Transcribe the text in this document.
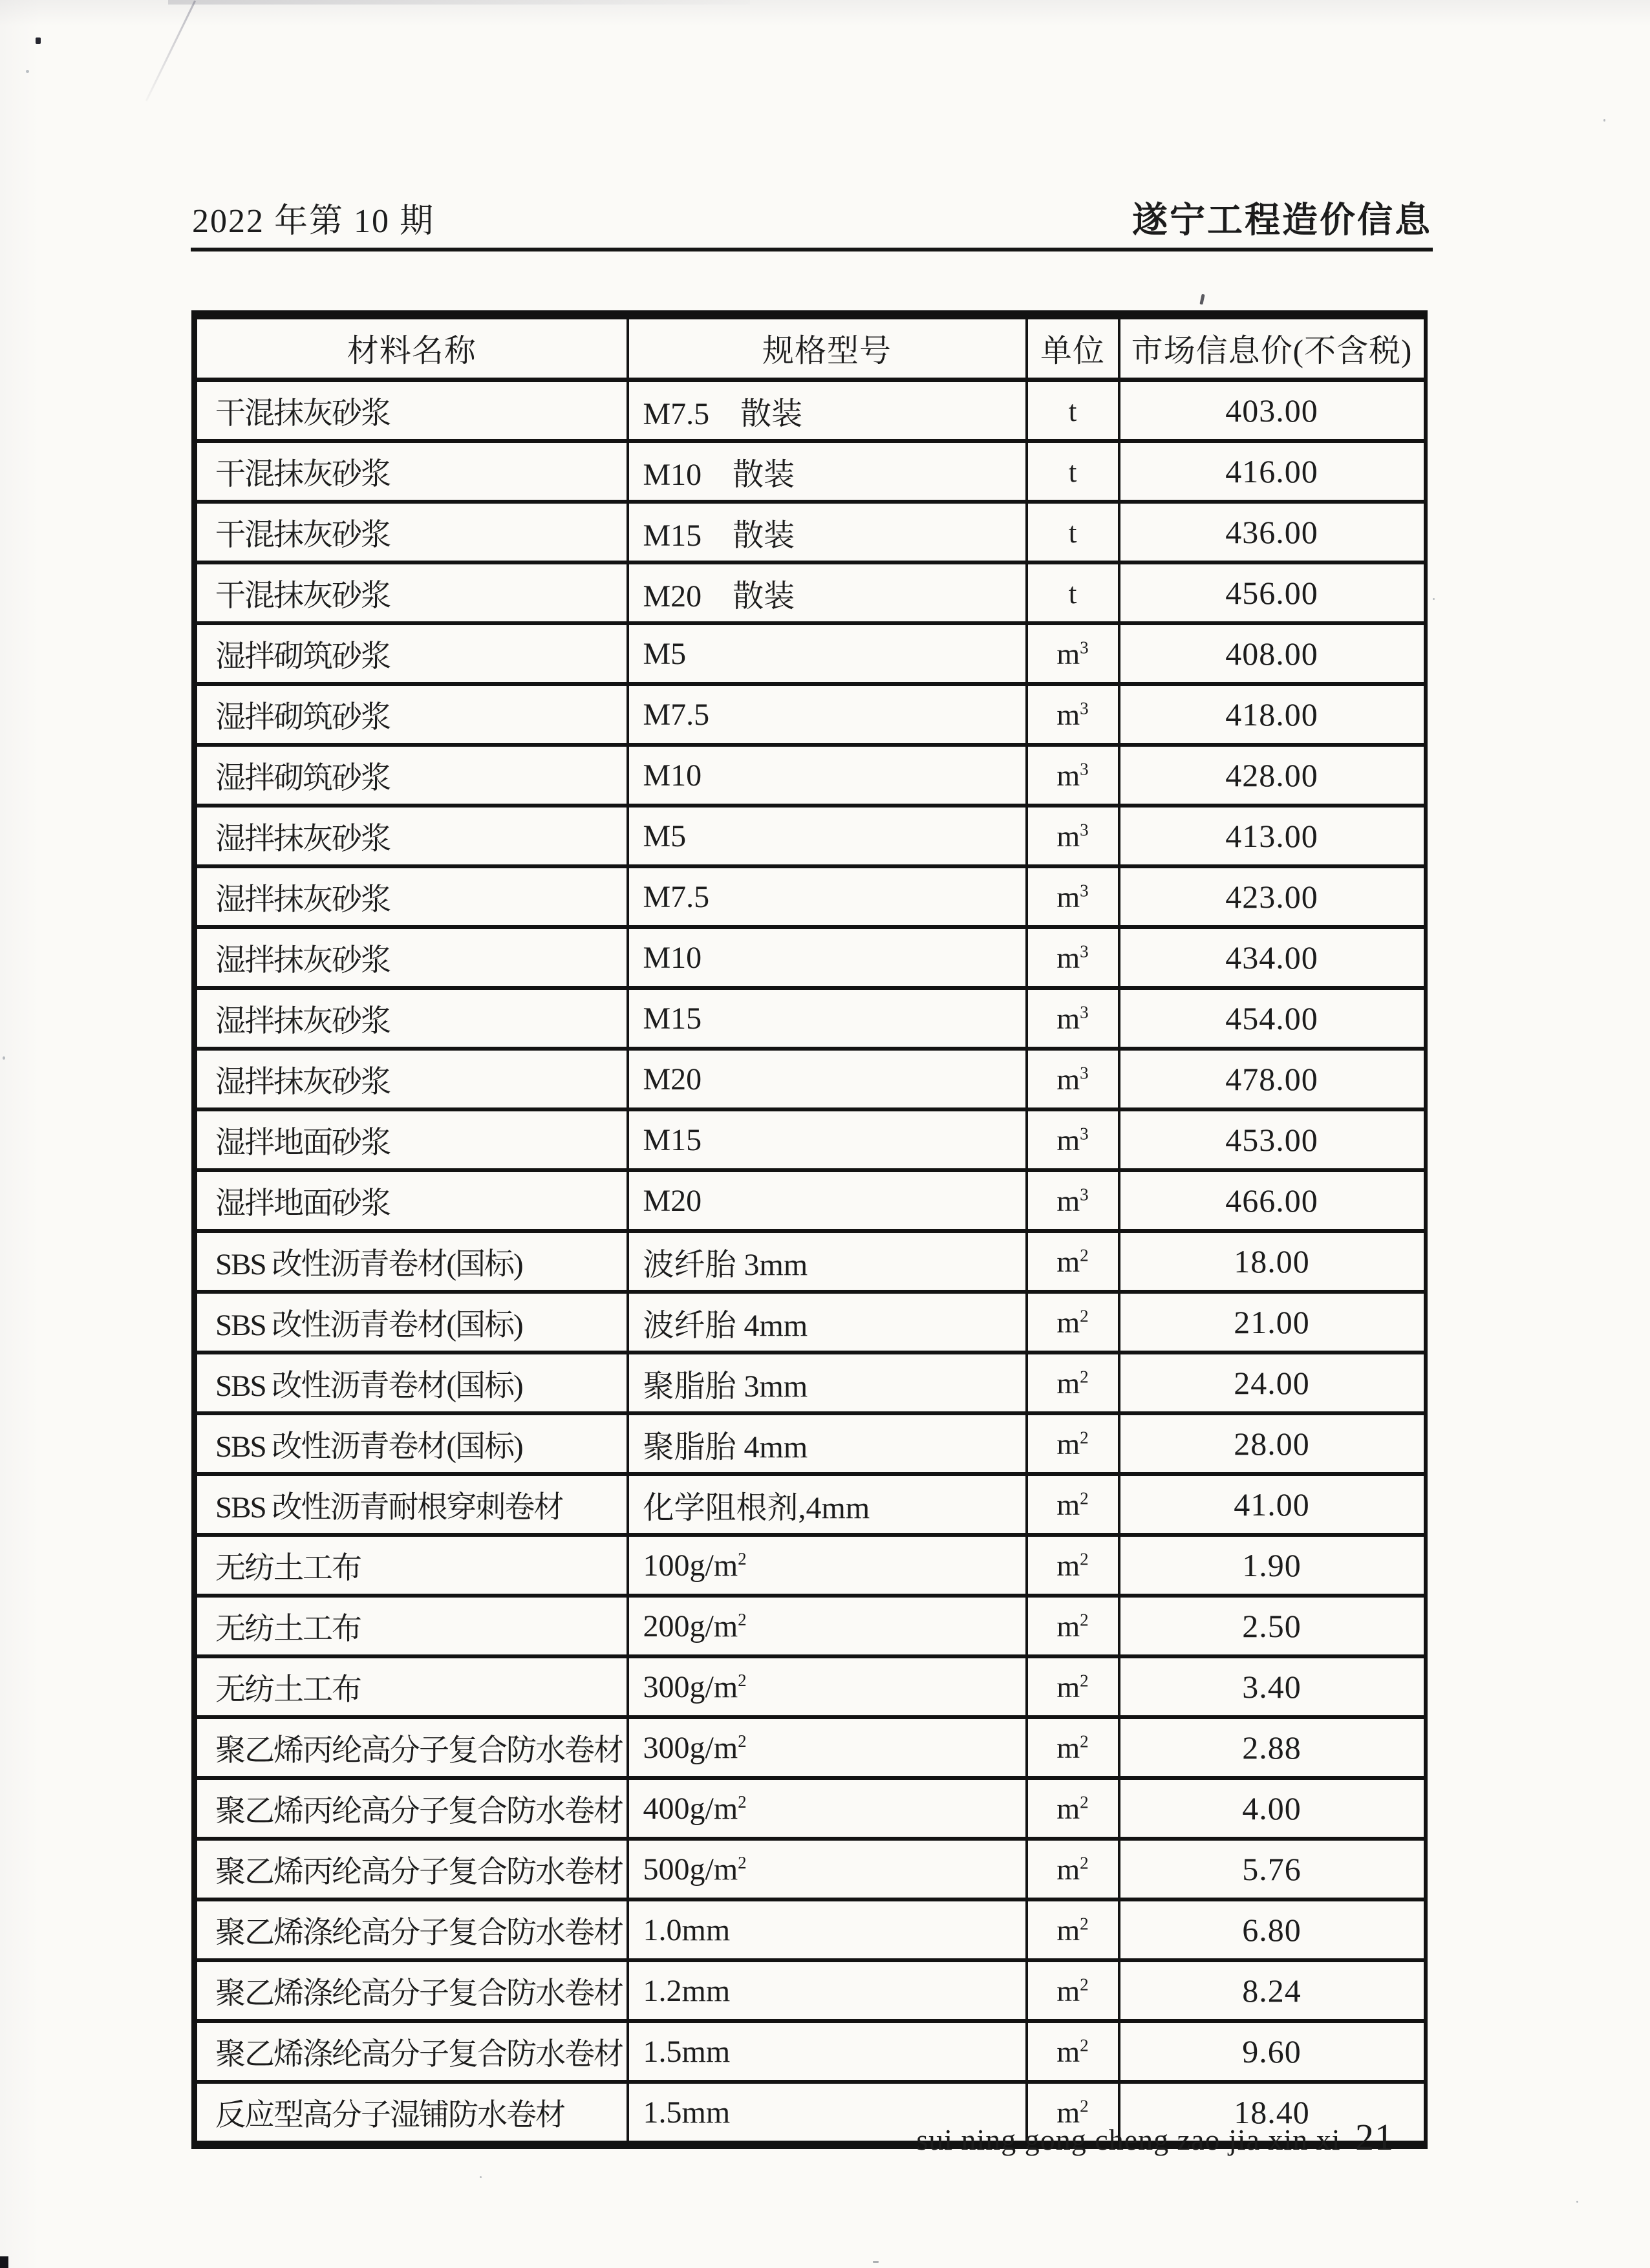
2022 年第 10 期	遂宁工程造价信息
材料名称	规格型号	单位	市场信息价(不含税)
干混抹灰砂浆	M7.5　散装	t	403.00
干混抹灰砂浆	M10　散装	t	416.00
干混抹灰砂浆	M15　散装	t	436.00
干混抹灰砂浆	M20　散装	t	456.00
湿拌砌筑砂浆	M5	$m^3$	408.00
湿拌砌筑砂浆	M7.5	$m^3$	418.00
湿拌砌筑砂浆	M10	$m^3$	428.00
湿拌抹灰砂浆	M5	$m^3$	413.00
湿拌抹灰砂浆	M7.5	$m^3$	423.00
湿拌抹灰砂浆	M10	$m^3$	434.00
湿拌抹灰砂浆	M15	$m^3$	454.00
湿拌抹灰砂浆	M20	$m^3$	478.00
湿拌地面砂浆	M15	$m^3$	453.00
湿拌地面砂浆	M20	$m^3$	466.00
SBS 改性沥青卷材(国标)	波纤胎 3mm	$m^2$	18.00
SBS 改性沥青卷材(国标)	波纤胎 4mm	$m^2$	21.00
SBS 改性沥青卷材(国标)	聚脂胎 3mm	$m^2$	24.00
SBS 改性沥青卷材(国标)	聚脂胎 4mm	$m^2$	28.00
SBS 改性沥青耐根穿刺卷材	化学阻根剂,4mm	$m^2$	41.00
无纺土工布	$100g/m^2$	$m^2$	1.90
无纺土工布	$200g/m^2$	$m^2$	2.50
无纺土工布	$300g/m^2$	$m^2$	3.40
聚乙烯丙纶高分子复合防水卷材	$300g/m^2$	$m^2$	2.88
聚乙烯丙纶高分子复合防水卷材	$400g/m^2$	$m^2$	4.00
聚乙烯丙纶高分子复合防水卷材	$500g/m^2$	$m^2$	5.76
聚乙烯涤纶高分子复合防水卷材	1.0mm	$m^2$	6.80
聚乙烯涤纶高分子复合防水卷材	1.2mm	$m^2$	8.24
聚乙烯涤纶高分子复合防水卷材	1.5mm	$m^2$	9.60
反应型高分子湿铺防水卷材	1.5mm	$m^2$	18.40
sui ning gong cheng zao jia xin xi 21
